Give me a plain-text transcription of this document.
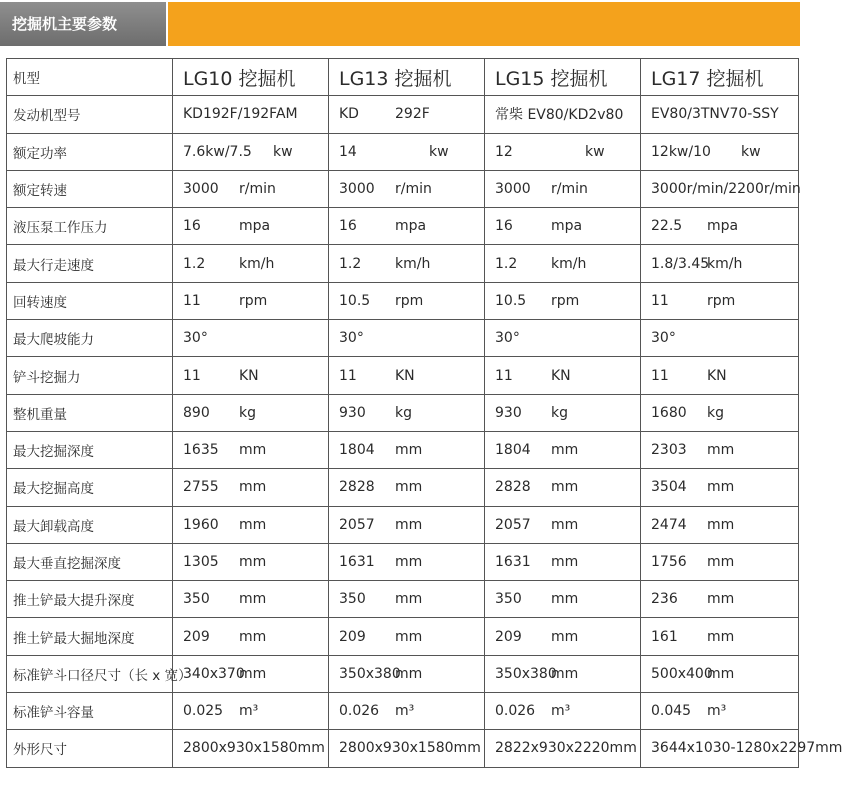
挖掘机主要参数
机型	LG10 挖掘机	LG13 挖掘机	LG15 挖掘机	LG17 挖掘机
发动机型号	KD192F/192FAM	KD 292F	常柴 EV80/KD2v80	EV80/3TNV70-SSY
额定功率	7.6kw/7.5 kw	14 kw	12 kw	12kw/10 kw
额定转速	3000 r/min	3000 r/min	3000 r/min	3000r/min/2200r/min
液压泵工作压力	16 mpa	16 mpa	16 mpa	22.5 mpa
最大行走速度	1.2 km/h	1.2 km/h	1.2 km/h	1.8/3.45km/h
回转速度	11 rpm	10.5 rpm	10.5 rpm	11 rpm
最大爬坡能力	30°	30°	30°	30°
铲斗挖掘力	11 KN	11 KN	11 KN	11 KN
整机重量	890 kg	930 kg	930 kg	1680 kg
最大挖掘深度	1635 mm	1804 mm	1804 mm	2303 mm
最大挖掘高度	2755 mm	2828 mm	2828 mm	3504 mm
最大卸载高度	1960 mm	2057 mm	2057 mm	2474 mm
最大垂直挖掘深度	1305 mm	1631 mm	1631 mm	1756 mm
推土铲最大提升深度	350 mm	350 mm	350 mm	236 mm
推土铲最大掘地深度	209 mm	209 mm	209 mm	161 mm
标准铲斗口径尺寸（长 x 宽）	340x370mm	350x380mm	350x380mm	500x400mm
标准铲斗容量	0.025 m³	0.026 m³	0.026 m³	0.045 m³
外形尺寸	2800x930x1580mm	2800x930x1580mm	2822x930x2220mm	3644x1030-1280x2297mm
